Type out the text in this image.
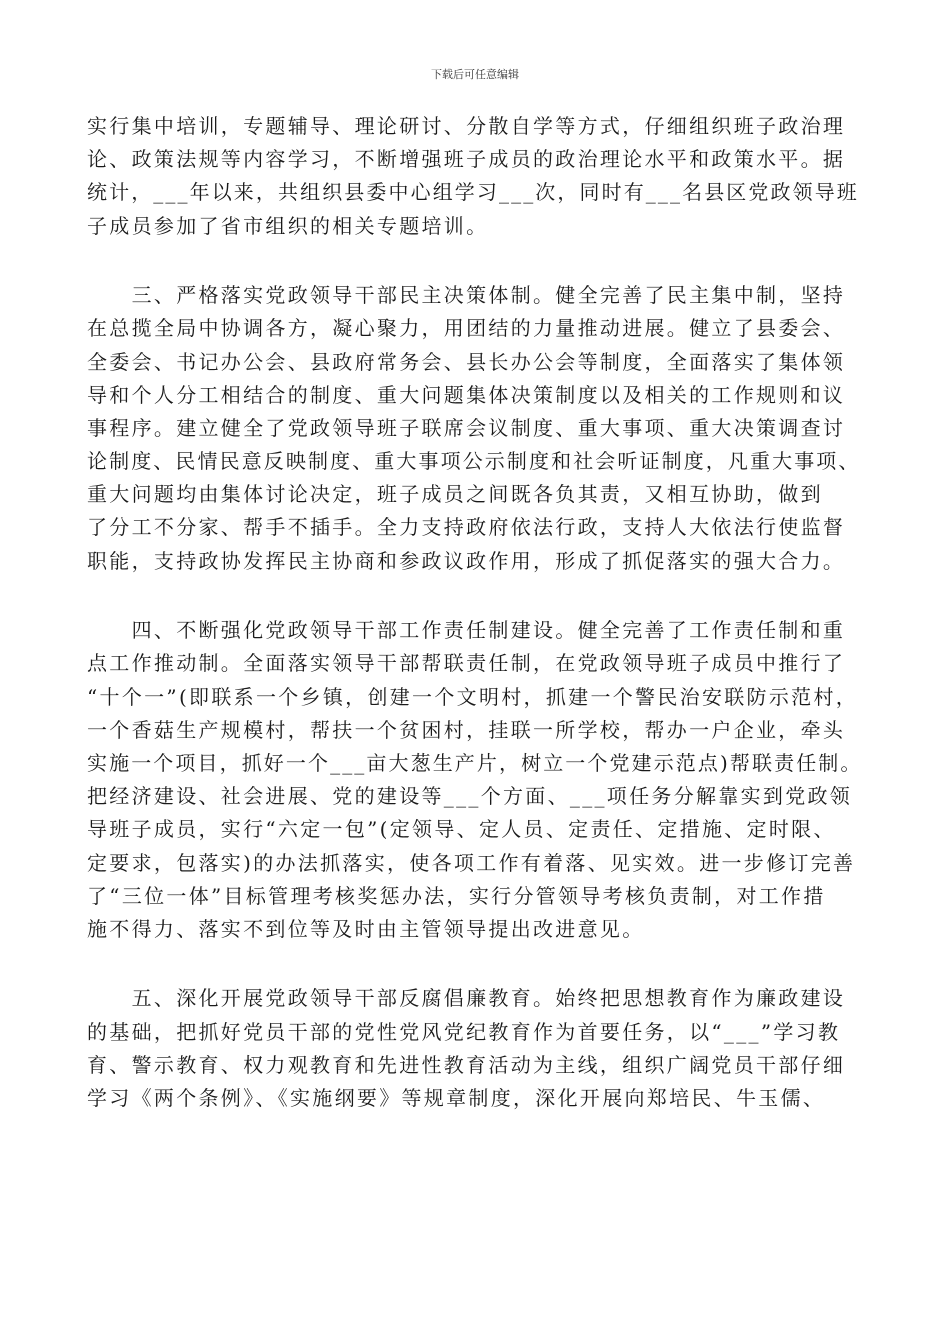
下载后可任意编辑

实行集中培训，专题辅导、理论研讨、分散自学等方式，仔细组织班子政治理
论、政策法规等内容学习，不断增强班子成员的政治理论水平和政策水平。据
统计，___年以来，共组织县委中心组学习___次，同时有___名县区党政领导班
子成员参加了省市组织的相关专题培训。

　　三、严格落实党政领导干部民主决策体制。健全完善了民主集中制，坚持
在总揽全局中协调各方，凝心聚力，用团结的力量推动进展。健立了县委会、
全委会、书记办公会、县政府常务会、县长办公会等制度，全面落实了集体领
导和个人分工相结合的制度、重大问题集体决策制度以及相关的工作规则和议
事程序。建立健全了党政领导班子联席会议制度、重大事项、重大决策调查讨
论制度、民情民意反映制度、重大事项公示制度和社会听证制度，凡重大事项、
重大问题均由集体讨论决定，班子成员之间既各负其责，又相互协助，做到
了分工不分家、帮手不插手。全力支持政府依法行政，支持人大依法行使监督
职能，支持政协发挥民主协商和参政议政作用，形成了抓促落实的强大合力。

　　四、不断强化党政领导干部工作责任制建设。健全完善了工作责任制和重
点工作推动制。全面落实领导干部帮联责任制，在党政领导班子成员中推行了
“十个一”(即联系一个乡镇，创建一个文明村，抓建一个警民治安联防示范村，
一个香菇生产规模村，帮扶一个贫困村，挂联一所学校，帮办一户企业，牵头
实施一个项目，抓好一个___亩大葱生产片，树立一个党建示范点)帮联责任制。
把经济建设、社会进展、党的建设等___个方面、___项任务分解靠实到党政领
导班子成员，实行“六定一包”(定领导、定人员、定责任、定措施、定时限、
定要求，包落实)的办法抓落实，使各项工作有着落、见实效。进一步修订完善
了“三位一体”目标管理考核奖惩办法，实行分管领导考核负责制，对工作措
施不得力、落实不到位等及时由主管领导提出改进意见。

　　五、深化开展党政领导干部反腐倡廉教育。始终把思想教育作为廉政建设
的基础，把抓好党员干部的党性党风党纪教育作为首要任务，以“___”学习教
育、警示教育、权力观教育和先进性教育活动为主线，组织广阔党员干部仔细
学习《两个条例》、《实施纲要》等规章制度，深化开展向郑培民、牛玉儒、
